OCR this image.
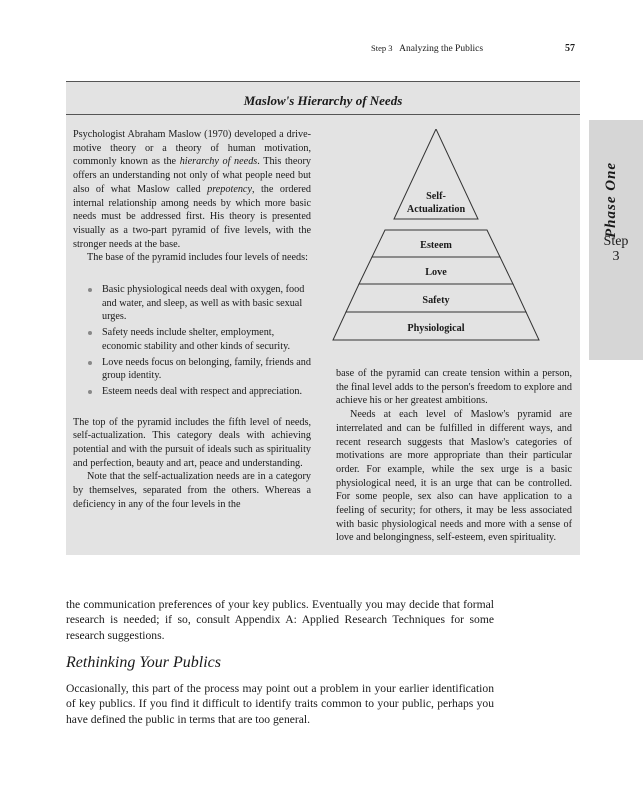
Step 3 Analyzing the Publics	57
Phase One
Step
3
Maslow's Hierarchy of Needs

Psychologist Abraham Maslow (1970) developed a drive-motive theory or a theory of human motivation, commonly known as the hierarchy of needs. This theory offers an understanding not only of what people need but also of what Maslow called prepotency, the ordered internal relationship among needs by which more basic needs must be addressed first. His theory is presented visually as a two-part pyramid of five levels, with the stronger needs at the base.

The base of the pyramid includes four levels of needs:

Basic physiological needs deal with oxygen, food and water, and sleep, as well as with basic sexual urges.
Safety needs include shelter, employment, economic stability and other kinds of security.
Love needs focus on belonging, family, friends and group identity.
Esteem needs deal with respect and appreciation.

The top of the pyramid includes the fifth level of needs, self-actualization. This category deals with achieving potential and with the pursuit of ideals such as spirituality and perfection, beauty and art, peace and understanding.

Note that the self-actualization needs are in a category by themselves, separated from the others. Whereas a deficiency in any of the four levels in the

Self-
Actualization
Esteem
Love
Safety
Physiological

base of the pyramid can create tension within a person, the final level adds to the person's freedom to explore and achieve his or her greatest ambitions.

Needs at each level of Maslow's pyramid are interrelated and can be fulfilled in different ways, and recent research suggests that Maslow's categories of motivations are more appropriate than their particular order. For example, while the sex urge is a basic physiological need, it is an urge that can be controlled. For some people, sex also can have application to a feeling of security; for others, it may be less associated with basic physiological needs and more with a sense of love and belongingness, self-esteem, even spirituality.

the communication preferences of your key publics. Eventually you may decide that formal research is needed; if so, consult Appendix A: Applied Research Techniques for some research suggestions.

Rethinking Your Publics

Occasionally, this part of the process may point out a problem in your earlier identification of key publics. If you find it difficult to identify traits common to your public, perhaps you have defined the public in terms that are too general.
